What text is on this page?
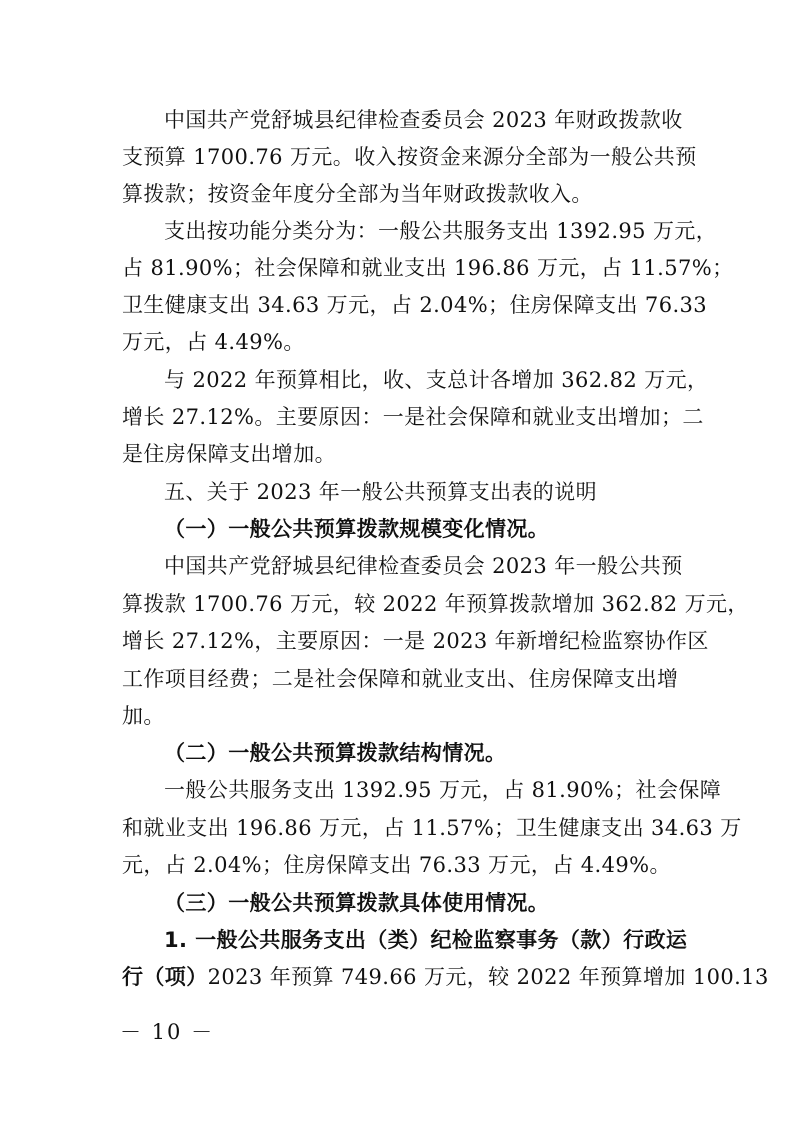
中国共产党舒城县纪律检查委员会 2023 年财政拨款收
支预算 1700.76 万元。收入按资金来源分全部为一般公共预
算拨款；按资金年度分全部为当年财政拨款收入。
支出按功能分类分为：一般公共服务支出 1392.95 万元，
占 81.90%；社会保障和就业支出 196.86 万元，占 11.57%；
卫生健康支出 34.63 万元，占 2.04%；住房保障支出 76.33
万元，占 4.49%。
与 2022 年预算相比，收、支总计各增加 362.82 万元，
增长 27.12%。主要原因：一是社会保障和就业支出增加；二
是住房保障支出增加。
五、关于 2023 年一般公共预算支出表的说明
（一）一般公共预算拨款规模变化情况。
中国共产党舒城县纪律检查委员会 2023 年一般公共预
算拨款 1700.76 万元，较 2022 年预算拨款增加 362.82 万元，
增长 27.12%，主要原因：一是 2023 年新增纪检监察协作区
工作项目经费；二是社会保障和就业支出、住房保障支出增
加。
（二）一般公共预算拨款结构情况。
一般公共服务支出 1392.95 万元，占 81.90%；社会保障
和就业支出 196.86 万元，占 11.57%；卫生健康支出 34.63 万
元，占 2.04%；住房保障支出 76.33 万元，占 4.49%。
（三）一般公共预算拨款具体使用情况。
1. 一般公共服务支出（类）纪检监察事务（款）行政运
行（项）2023 年预算 749.66 万元，较 2022 年预算增加 100.13
－ 10 －
